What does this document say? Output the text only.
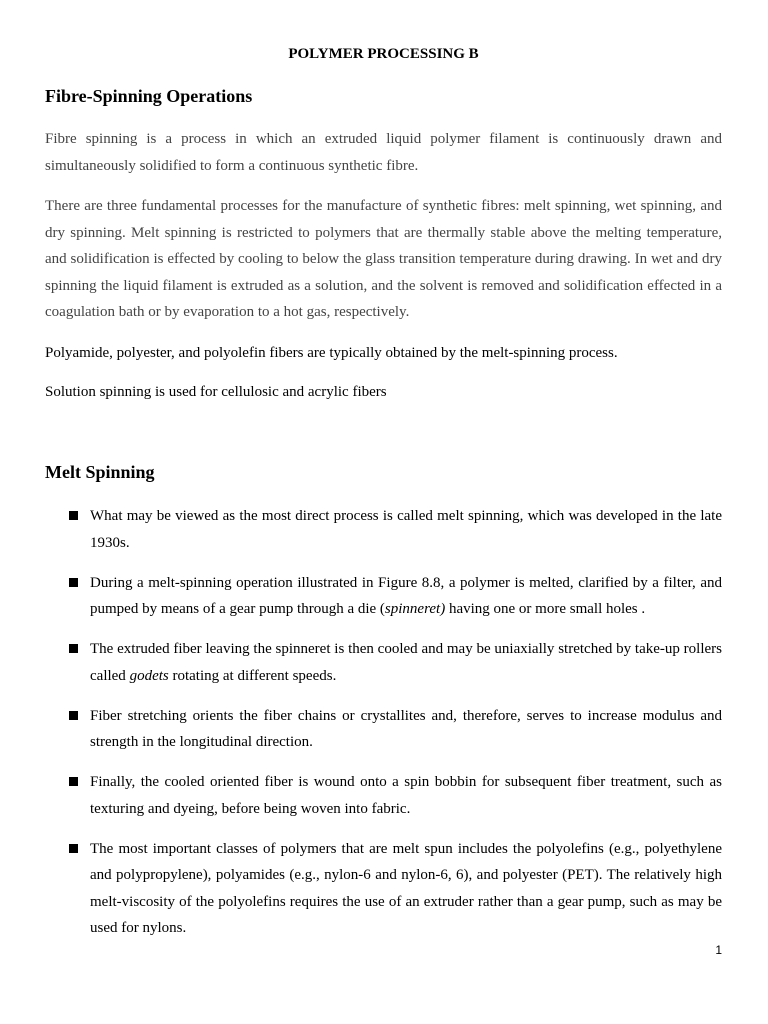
POLYMER PROCESSING B
Fibre-Spinning Operations

Fibre spinning is a process in which an extruded liquid polymer filament is continuously drawn and simultaneously solidified to form a continuous synthetic fibre.

There are three fundamental processes for the manufacture of synthetic fibres: melt spinning, wet spinning, and dry spinning. Melt spinning is restricted to polymers that are thermally stable above the melting temperature, and solidification is effected by cooling to below the glass transition temperature during drawing. In wet and dry spinning the liquid filament is extruded as a solution, and the solvent is removed and solidification effected in a coagulation bath or by evaporation to a hot gas, respectively.

Polyamide, polyester, and polyolefin fibers are typically obtained by the melt-spinning process.

Solution spinning is used for cellulosic and acrylic fibers

Melt Spinning
What may be viewed as the most direct process is called melt spinning, which was developed in the late 1930s.
During a melt-spinning operation illustrated in Figure 8.8, a polymer is melted, clarified by a filter, and pumped by means of a gear pump through a die (spinneret) having one or more small holes .
The extruded fiber leaving the spinneret is then cooled and may be uniaxially stretched by take-up rollers called godets rotating at different speeds.
Fiber stretching orients the fiber chains or crystallites and, therefore, serves to increase modulus and strength in the longitudinal direction.
Finally, the cooled oriented fiber is wound onto a spin bobbin for subsequent fiber treatment, such as texturing and dyeing, before being woven into fabric.
The most important classes of polymers that are melt spun includes the polyolefins (e.g., polyethylene and polypropylene), polyamides (e.g., nylon-6 and nylon-6, 6), and polyester (PET). The relatively high melt-viscosity of the polyolefins requires the use of an extruder rather than a gear pump, such as may be used for nylons.
1
